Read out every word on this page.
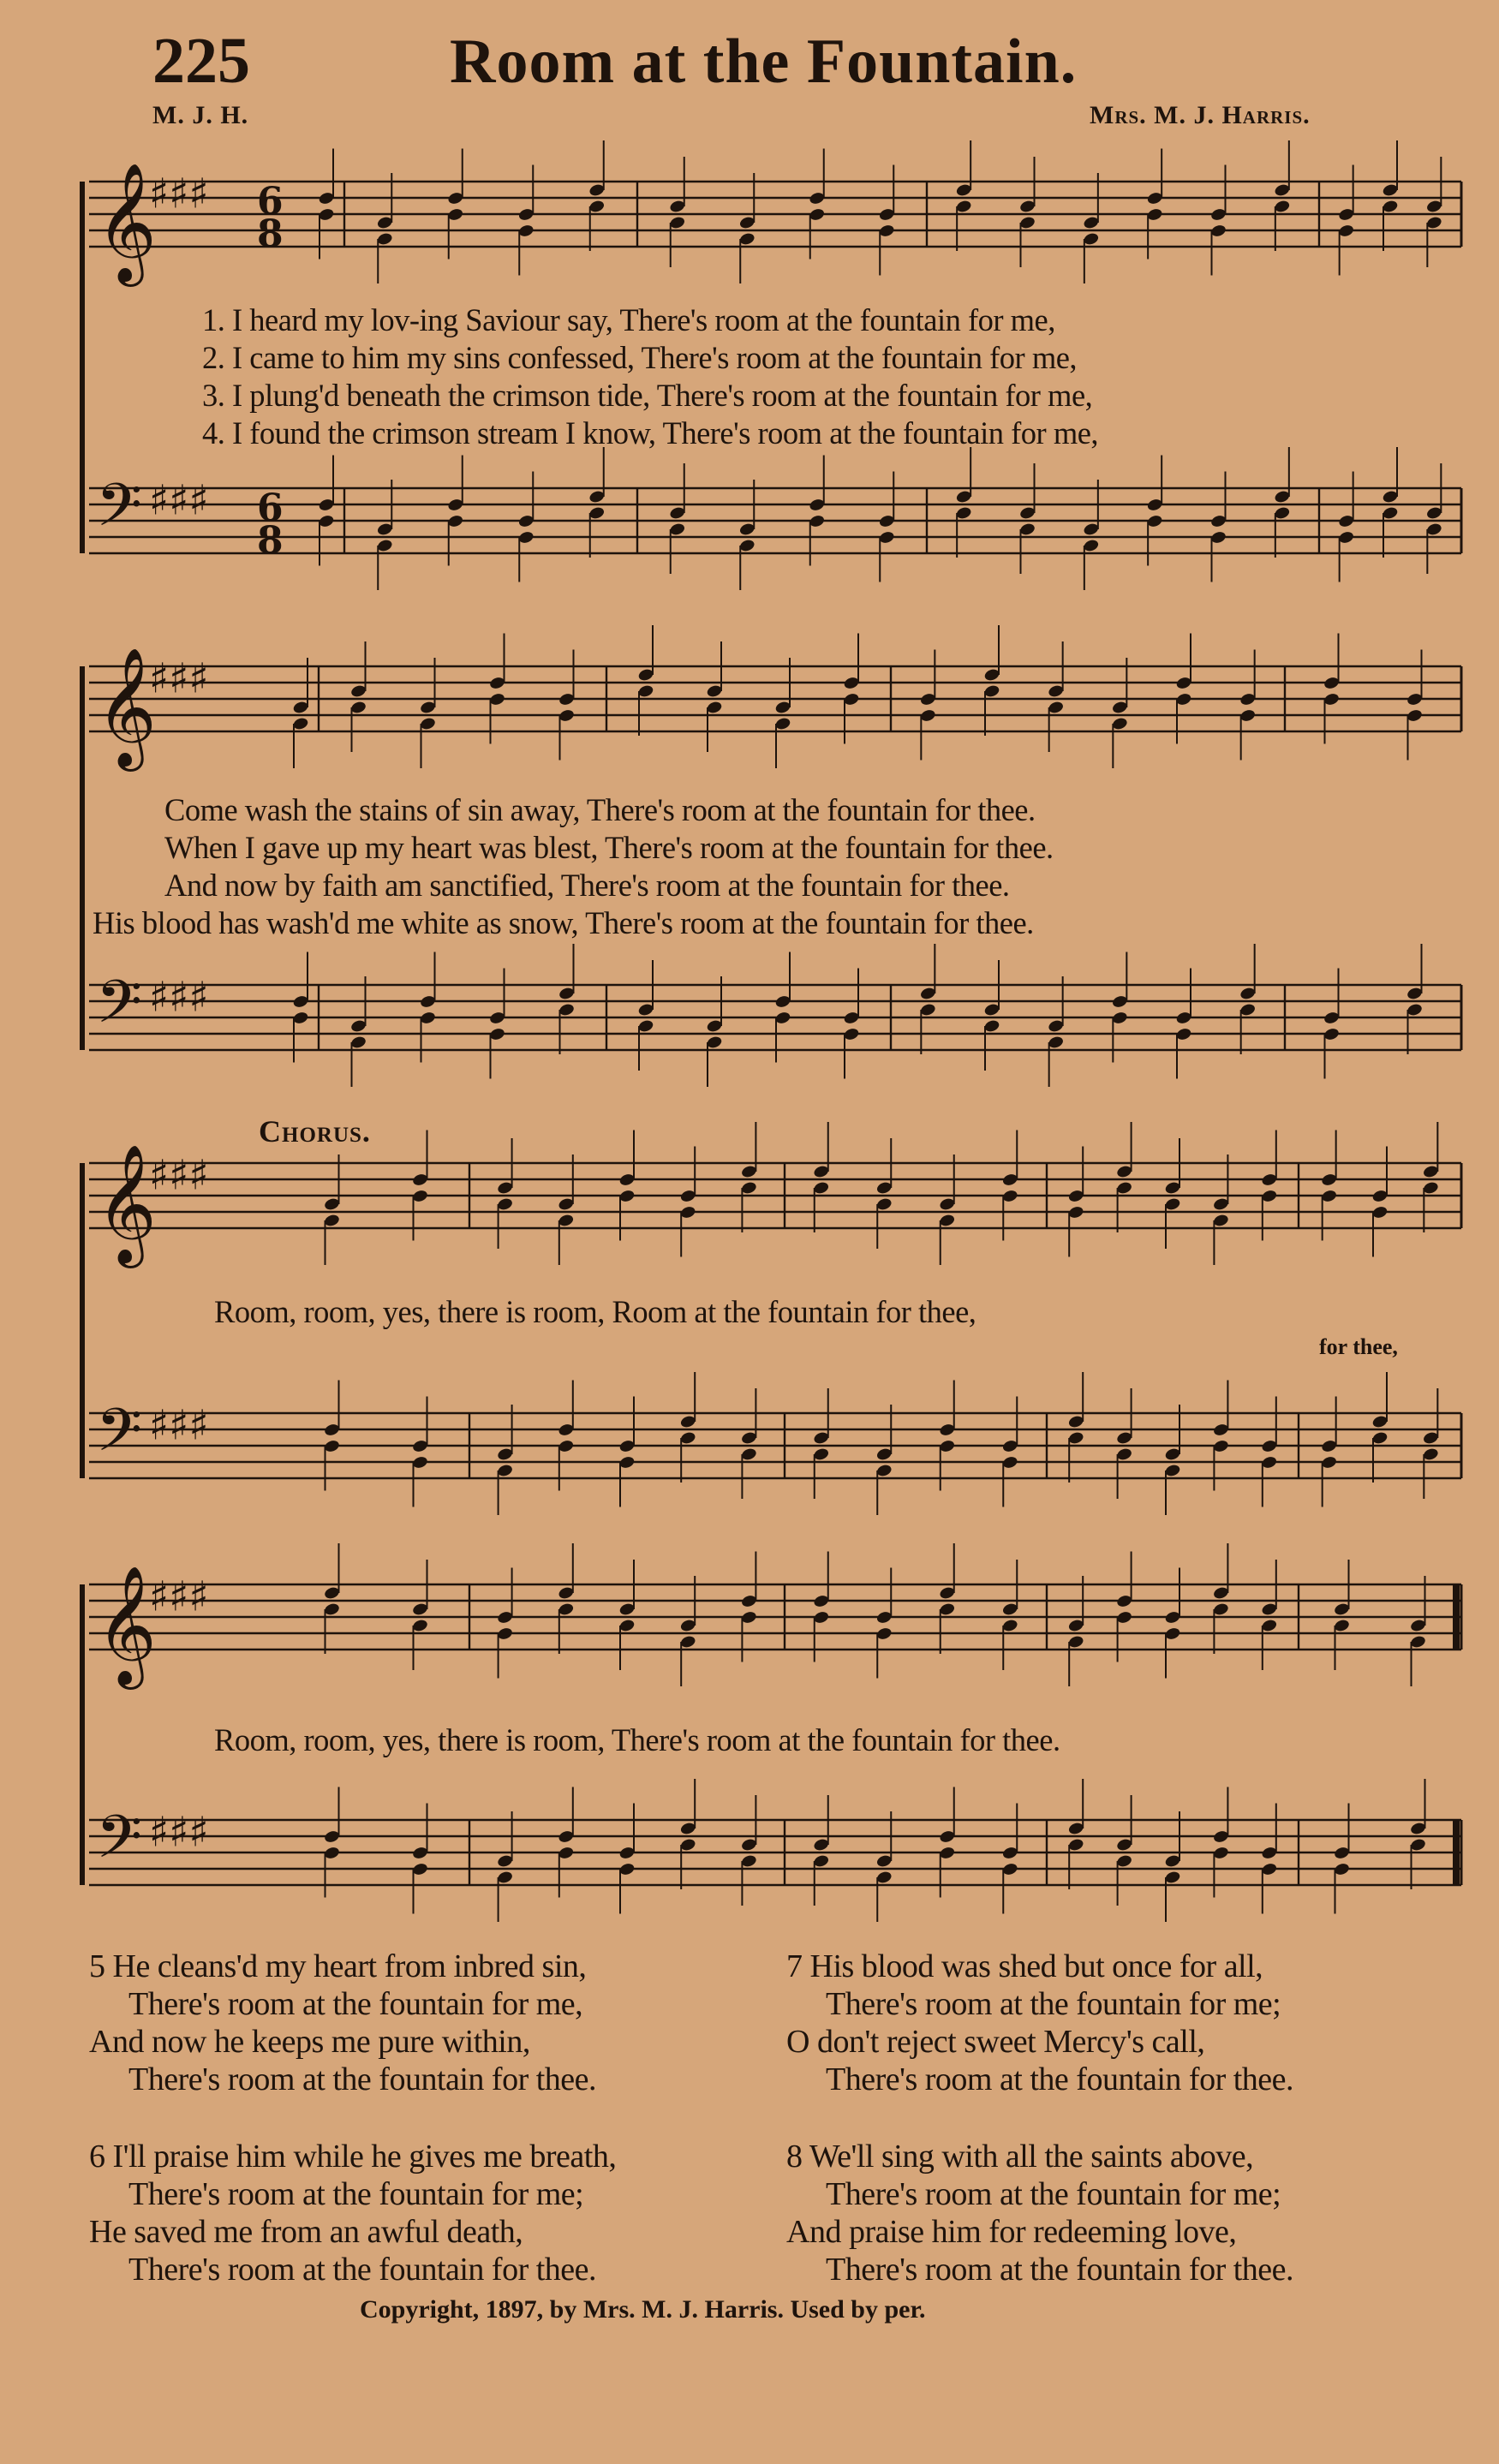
225	Room at the Fountain.
M. J. H.	Mrs. M. J. Harris.
𝄞
♯♯♯
𝄢 ♯♯♯
6
8
6
8
𝄞
♯♯♯
𝄢 ♯♯♯
𝄞
♯♯♯
𝄢 ♯♯♯
𝄞
♯♯♯
𝄢 ♯♯♯
1. I heard my lov-ing Saviour say, There's room at the fountain for me,
2. I came to him my sins confessed, There's room at the fountain for me,
3. I plung'd beneath the crimson tide, There's room at the fountain for me,
4. I found the crimson stream I know, There's room at the fountain for me,
Come wash the stains of sin away, There's room at the fountain for thee.
When I gave up my heart was blest, There's room at the fountain for thee.
And now by faith am sanctified, There's room at the fountain for thee.
His blood has wash'd me white as snow, There's room at the fountain for thee.
Chorus.
Room, room, yes, there is room, Room at the fountain for thee,
for thee,
Room, room, yes, there is room, There's room at the fountain for thee.
5 He cleans'd my heart from inbred sin,
There's room at the fountain for me,
And now he keeps me pure within,
There's room at the fountain for thee.
7 His blood was shed but once for all,
There's room at the fountain for me;
O don't reject sweet Mercy's call,
There's room at the fountain for thee.
6 I'll praise him while he gives me breath,
There's room at the fountain for me;
He saved me from an awful death,
There's room at the fountain for thee.
8 We'll sing with all the saints above,
There's room at the fountain for me;
And praise him for redeeming love,
There's room at the fountain for thee.
Copyright, 1897, by Mrs. M. J. Harris. Used by per.
